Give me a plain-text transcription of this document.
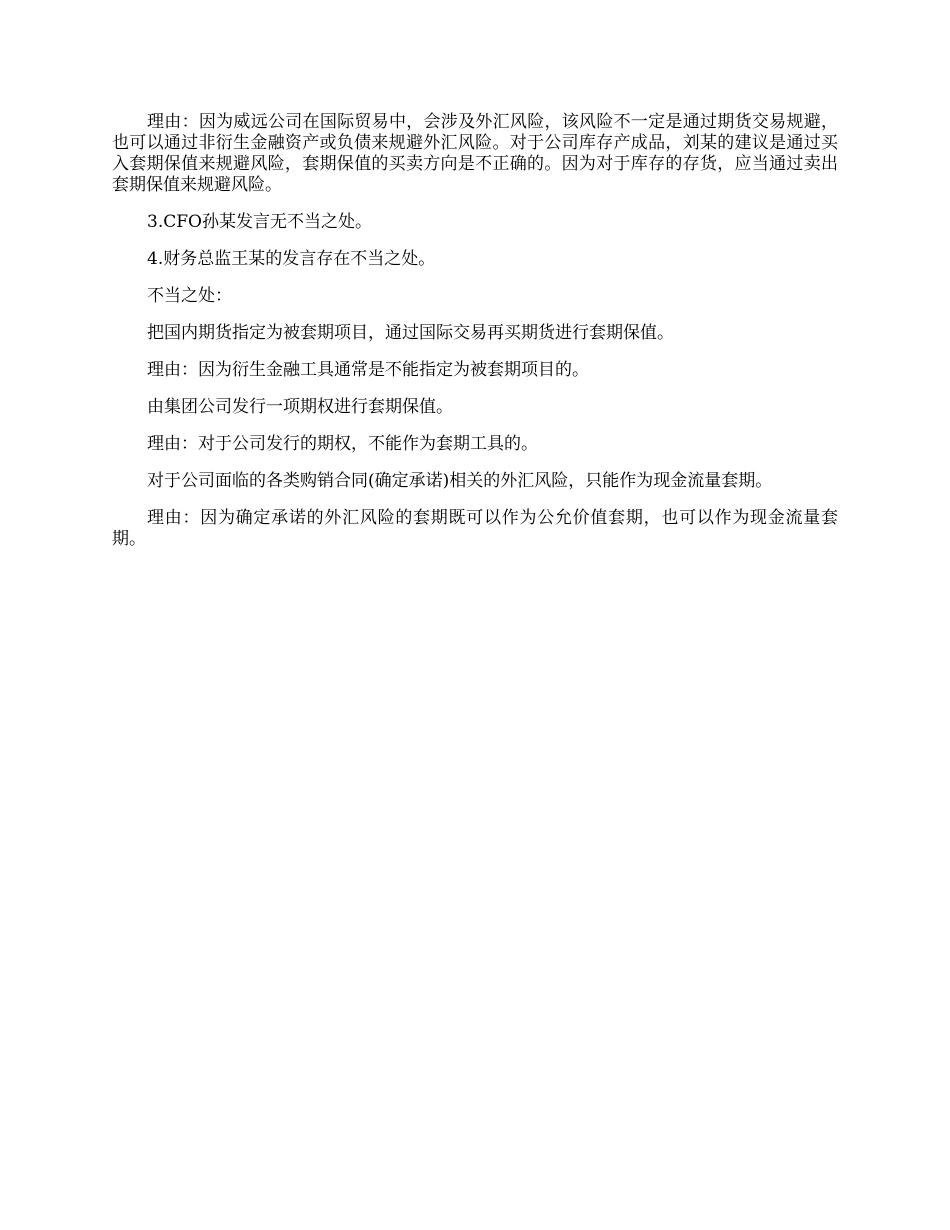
理由：因为威远公司在国际贸易中，会涉及外汇风险，该风险不一定是通过期货交易规避，也可以通过非衍生金融资产或负债来规避外汇风险。对于公司库存产成品，刘某的建议是通过买入套期保值来规避风险，套期保值的买卖方向是不正确的。因为对于库存的存货，应当通过卖出套期保值来规避风险。

3.CFO孙某发言无不当之处。

4.财务总监王某的发言存在不当之处。

不当之处：

把国内期货指定为被套期项目，通过国际交易再买期货进行套期保值。

理由：因为衍生金融工具通常是不能指定为被套期项目的。

由集团公司发行一项期权进行套期保值。

理由：对于公司发行的期权，不能作为套期工具的。

对于公司面临的各类购销合同(确定承诺)相关的外汇风险，只能作为现金流量套期。

理由：因为确定承诺的外汇风险的套期既可以作为公允价值套期，也可以作为现金流量套期。
